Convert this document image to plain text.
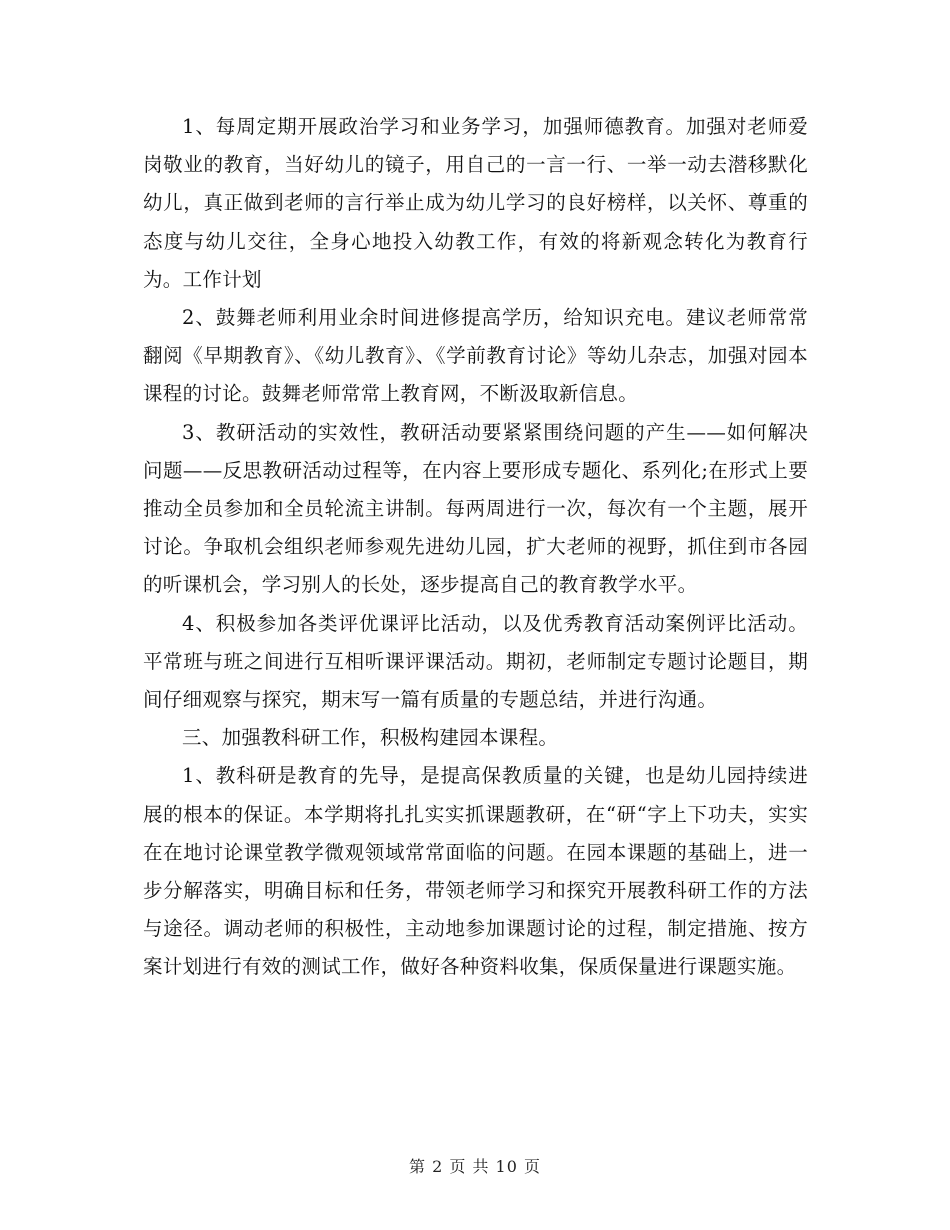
1、每周定期开展政治学习和业务学习，加强师德教育。加强对老师爱岗敬业的教育，当好幼儿的镜子，用自己的一言一行、一举一动去潜移默化幼儿，真正做到老师的言行举止成为幼儿学习的良好榜样，以关怀、尊重的态度与幼儿交往，全身心地投入幼教工作，有效的将新观念转化为教育行为。工作计划

2、鼓舞老师利用业余时间进修提高学历，给知识充电。建议老师常常翻阅《早期教育》、《幼儿教育》、《学前教育讨论》等幼儿杂志，加强对园本课程的讨论。鼓舞老师常常上教育网，不断汲取新信息。

3、教研活动的实效性，教研活动要紧紧围绕问题的产生——如何解决问题——反思教研活动过程等，在内容上要形成专题化、系列化;在形式上要推动全员参加和全员轮流主讲制。每两周进行一次，每次有一个主题，展开讨论。争取机会组织老师参观先进幼儿园，扩大老师的视野，抓住到市各园的听课机会，学习别人的长处，逐步提高自己的教育教学水平。

4、积极参加各类评优课评比活动，以及优秀教育活动案例评比活动。平常班与班之间进行互相听课评课活动。期初，老师制定专题讨论题目，期间仔细观察与探究，期末写一篇有质量的专题总结，并进行沟通。

三、加强教科研工作，积极构建园本课程。

1、教科研是教育的先导，是提高保教质量的关键，也是幼儿园持续进展的根本的保证。本学期将扎扎实实抓课题教研，在“研“字上下功夫，实实在在地讨论课堂教学微观领域常常面临的问题。在园本课题的基础上，进一步分解落实，明确目标和任务，带领老师学习和探究开展教科研工作的方法与途径。调动老师的积极性，主动地参加课题讨论的过程，制定措施、按方案计划进行有效的测试工作，做好各种资料收集，保质保量进行课题实施。

第 2 页 共 10 页
